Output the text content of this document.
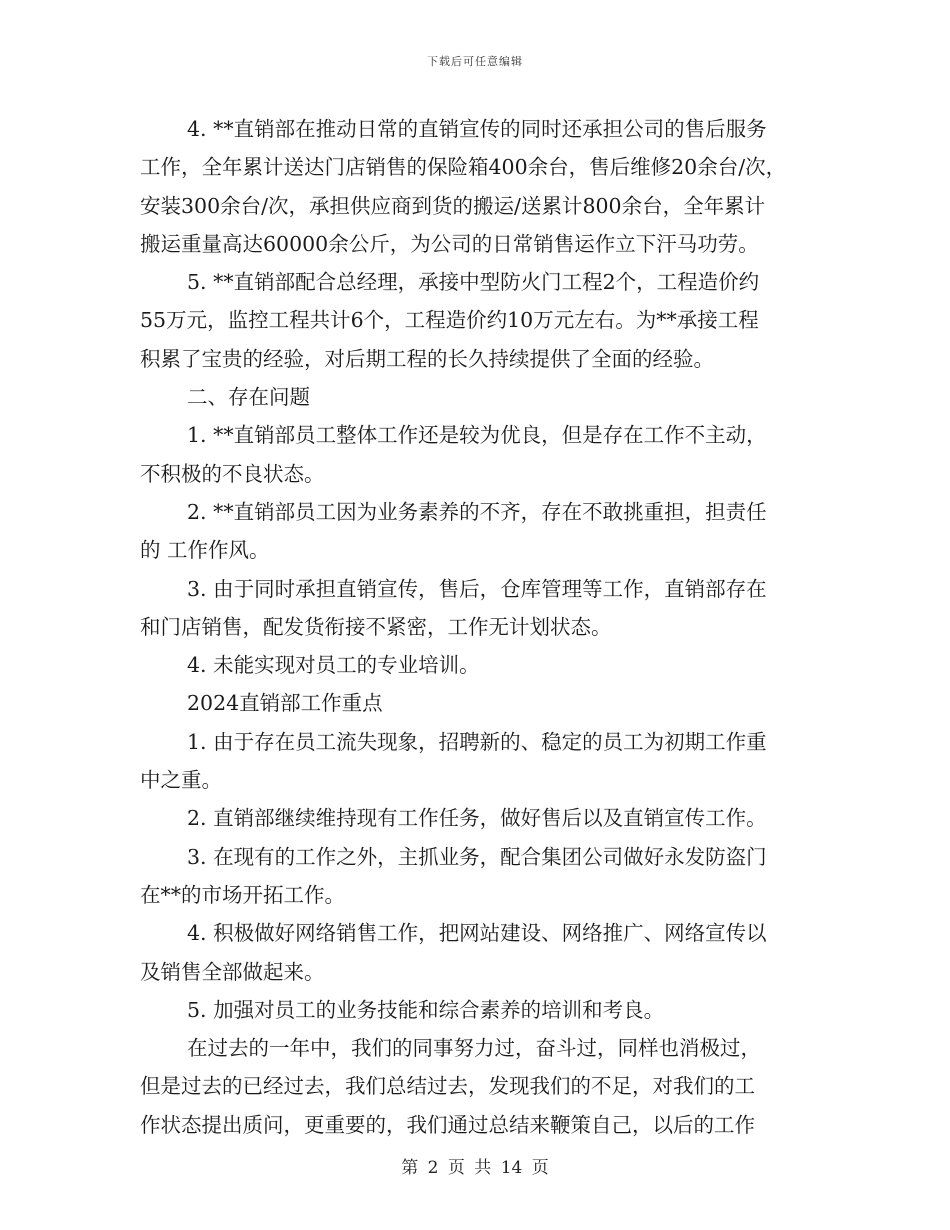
下载后可任意编辑
4. **直销部在推动日常的直销宣传的同时还承担公司的售后服务
工作，全年累计送达门店销售的保险箱400余台，售后维修20余台/次，
安装300余台/次，承担供应商到货的搬运/送累计800余台，全年累计
搬运重量高达60000余公斤，为公司的日常销售运作立下汗马功劳。
5. **直销部配合总经理，承接中型防火门工程2个，工程造价约
55万元，监控工程共计6个，工程造价约10万元左右。为**承接工程
积累了宝贵的经验，对后期工程的长久持续提供了全面的经验。
二、存在问题
1. **直销部员工整体工作还是较为优良，但是存在工作不主动，
不积极的不良状态。
2. **直销部员工因为业务素养的不齐，存在不敢挑重担，担责任
的 工作作风。
3. 由于同时承担直销宣传，售后，仓库管理等工作，直销部存在
和门店销售，配发货衔接不紧密，工作无计划状态。
4. 未能实现对员工的专业培训。
2024直销部工作重点
1. 由于存在员工流失现象，招聘新的、稳定的员工为初期工作重
中之重。
2. 直销部继续维持现有工作任务，做好售后以及直销宣传工作。
3. 在现有的工作之外，主抓业务，配合集团公司做好永发防盗门
在**的市场开拓工作。
4. 积极做好网络销售工作，把网站建设、网络推广、网络宣传以
及销售全部做起来。
5. 加强对员工的业务技能和综合素养的培训和考良。
在过去的一年中，我们的同事努力过，奋斗过，同样也消极过，
但是过去的已经过去，我们总结过去，发现我们的不足，对我们的工
作状态提出质问，更重要的，我们通过总结来鞭策自己，以后的工作
第 2 页 共 14 页
